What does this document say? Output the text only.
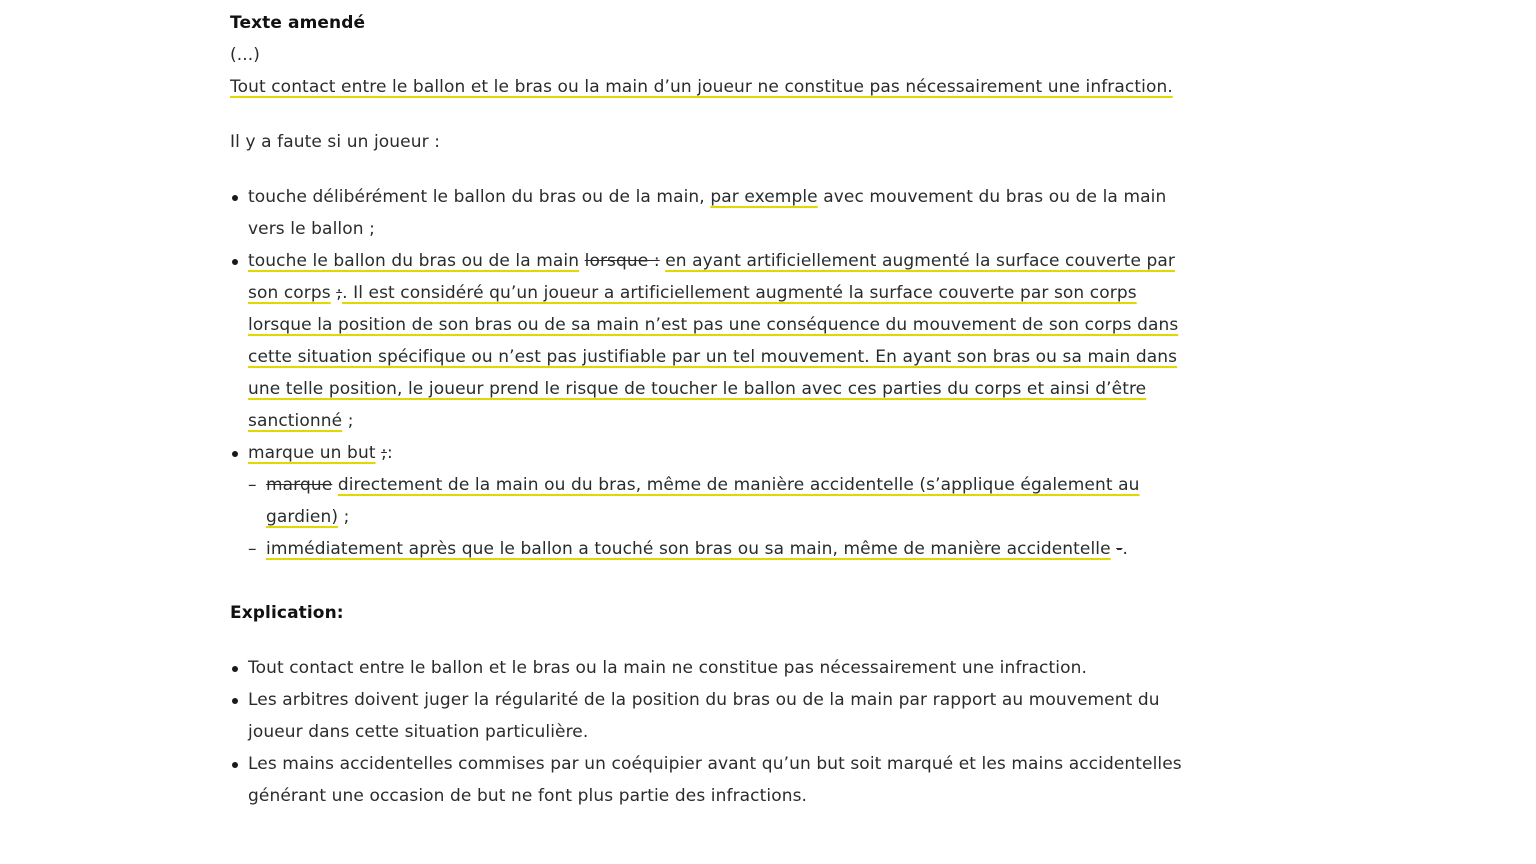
Texte amendé

(...)

Tout contact entre le ballon et le bras ou la main d’un joueur ne constitue pas nécessairement une infraction.

Il y a faute si un joueur :

touche délibérément le ballon du bras ou de la main, par exemple avec mouvement du bras ou de la main vers le ballon ;
touche le ballon du bras ou de la main lorsque : en ayant artificiellement augmenté la surface couverte par son corps ;. Il est considéré qu’un joueur a artificiellement augmenté la surface couverte par son corps lorsque la position de son bras ou de sa main n’est pas une conséquence du mouvement de son corps dans cette situation spécifique ou n’est pas justifiable par un tel mouvement. En ayant son bras ou sa main dans une telle position, le joueur prend le risque de toucher le ballon avec ces parties du corps et ainsi d’être sanctionné ;
marque un but ;:
– marque directement de la main ou du bras, même de manière accidentelle (s’applique également au gardien) ;
– immédiatement après que le ballon a touché son bras ou sa main, même de manière accidentelle -.

Explication:

Tout contact entre le ballon et le bras ou la main ne constitue pas nécessairement une infraction.
Les arbitres doivent juger la régularité de la position du bras ou de la main par rapport au mouvement du joueur dans cette situation particulière.
Les mains accidentelles commises par un coéquipier avant qu’un but soit marqué et les mains accidentelles générant une occasion de but ne font plus partie des infractions.
